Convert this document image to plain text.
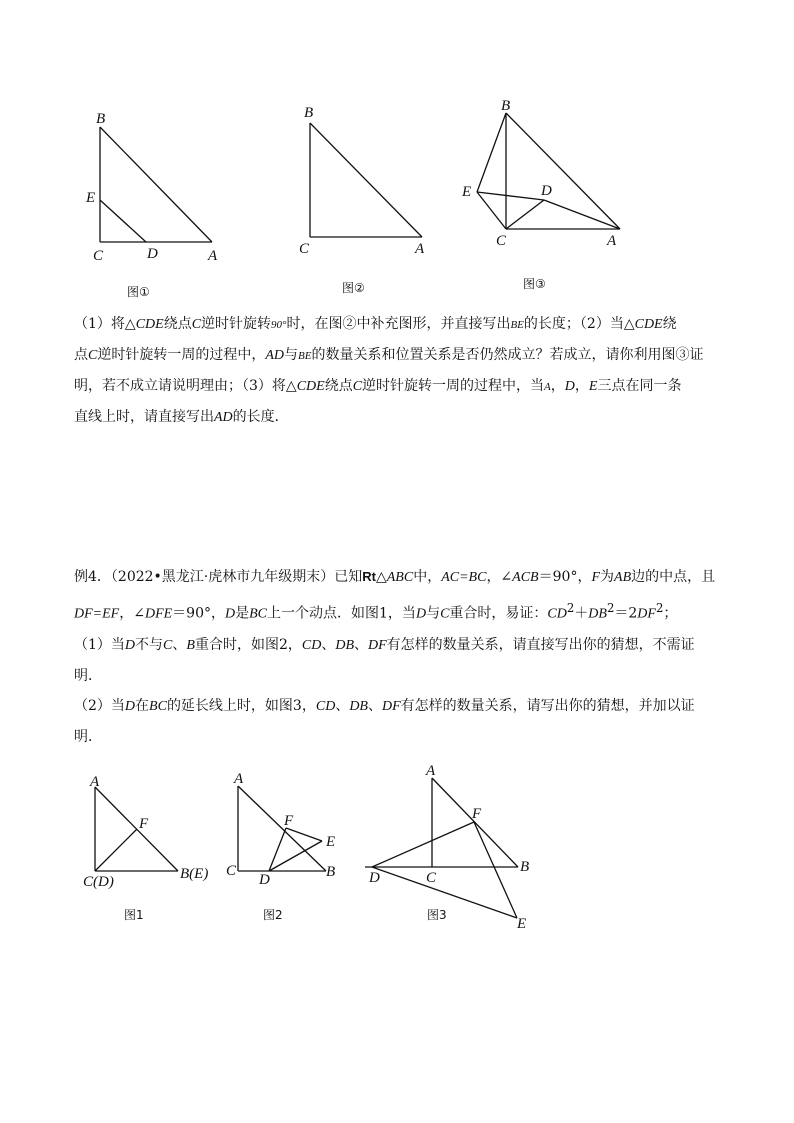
B
E
C	D	A
图①
B
C	A
图②
B
E	D
C	A
图③

（1）将△CDE绕点C逆时针旋转90°时，在图②中补充图形，并直接写出BE的长度；（2）当△CDE绕
点C逆时针旋转一周的过程中，AD与BE的数量关系和位置关系是否仍然成立？若成立，请你利用图③证
明，若不成立请说明理由；（3）将△CDE绕点C逆时针旋转一周的过程中，当A，D，E三点在同一条
直线上时，请直接写出AD的长度．

例4．（2022•黑龙江·虎林市九年级期末）已知Rt△ABC中，AC=BC，∠ACB＝90°，F为AB边的中点，且
DF=EF，∠DFE＝90°，D是BC上一个动点．如图1，当D与C重合时，易证：$CD^2+DB^2=2DF^2$；
（1）当D不与C、B重合时，如图2，CD、DB、DF有怎样的数量关系，请直接写出你的猜想，不需证
明．
（2）当D在BC的延长线上时，如图3，CD、DB、DF有怎样的数量关系，请写出你的猜想，并加以证
明．

A
F
C(D)	B(E)
图1
A
F
E
C
D	B
图2
A
F
B
D	C
E
图3
